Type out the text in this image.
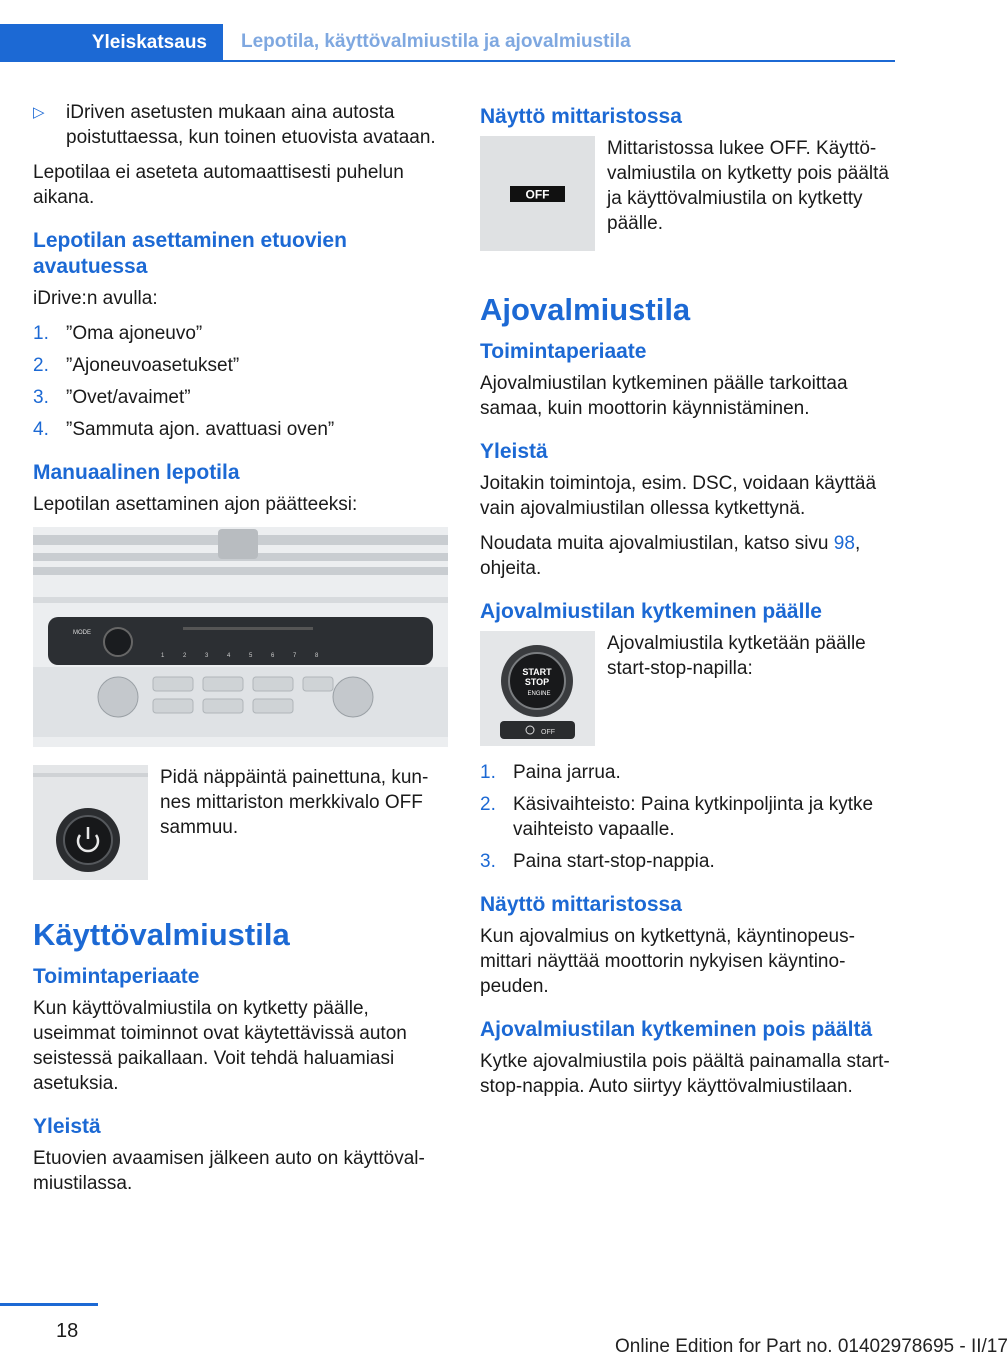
Yleiskatsaus	Lepotila, käyttövalmiustila ja ajovalmiustila
▷	iDriven asetusten mukaan aina autosta poistuttaessa, kun toinen etuovista avataan.

Lepotilaa ei aseteta automaattisesti puhelun aikana.

Lepotilan asettaminen etuovien avautuessa

iDrive:n avulla:

1. ”Oma ajoneuvo”
2. ”Ajoneuvoasetukset”
3. ”Ovet/avaimet”
4. ”Sammuta ajon. avattuasi oven”
Manuaalinen lepotila

Lepotilan asettaminen ajon päätteeksi:

MODE
1	2	3	4	5	6	7	8

Pidä näppäintä painettuna, kunnes mittariston merkkivalo OFF sammuu.

Käyttövalmiustila
Toimintaperiaate

Kun käyttövalmiustila on kytketty päälle, useimmat toiminnot ovat käytettävissä auton seistessä paikallaan. Voit tehdä haluamiasi asetuksia.

Yleistä

Etuovien avaamisen jälkeen auto on käyttövalmiustilassa.

Näyttö mittaristossa
OFF

Mittaristossa lukee OFF. Käyttövalmiustila on kytketty pois päältä ja käyttövalmiustila on kytketty päälle.

Ajovalmiustila
Toimintaperiaate

Ajovalmiustilan kytkeminen päälle tarkoittaa samaa, kuin moottorin käynnistäminen.

Yleistä

Joitakin toimintoja, esim. DSC, voidaan käyttää vain ajovalmiustilan ollessa kytkettynä.

Noudata muita ajovalmiustilan, katso sivu 98, ohjeita.

Ajovalmiustilan kytkeminen päälle
START
STOP
ENGINE
OFF

Ajovalmiustila kytketään päälle start-stop-napilla:

1. Paina jarrua.
2. Käsivaihteisto: Paina kytkinpoljinta ja kytke vaihteisto vapaalle.
3. Paina start-stop-nappia.
Näyttö mittaristossa

Kun ajovalmius on kytkettynä, käyntinopeusmittari näyttää moottorin nykyisen käyntinopeuden.

Ajovalmiustilan kytkeminen pois päältä

Kytke ajovalmiustila pois päältä painamalla start-stop-nappia. Auto siirtyy käyttövalmiustilaan.

18
Online Edition for Part no. 01402978695 - II/17
